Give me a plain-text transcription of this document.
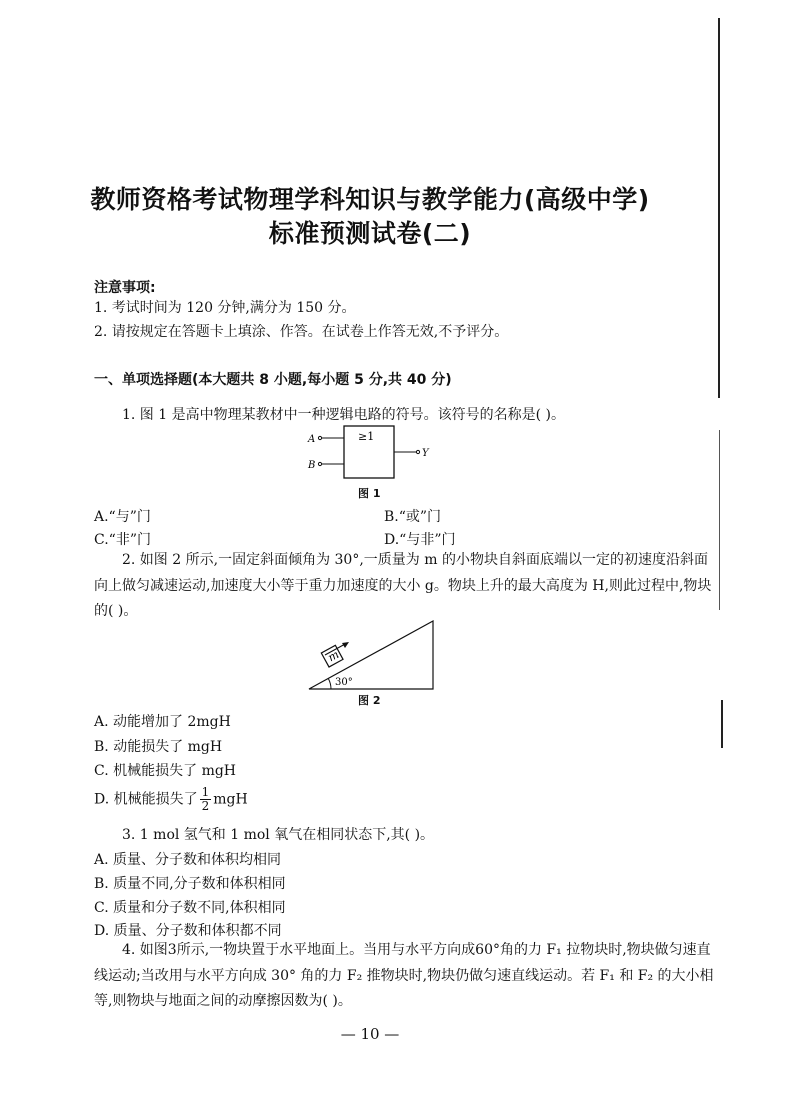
教师资格考试物理学科知识与教学能力(高级中学)
标准预测试卷(二)
注意事项:
1. 考试时间为 120 分钟,满分为 150 分。
2. 请按规定在答题卡上填涂、作答。在试卷上作答无效,不予评分。
一、单项选择题(本大题共 8 小题,每小题 5 分,共 40 分)
1. 图 1 是高中物理某教材中一种逻辑电路的符号。该符号的名称是( )。
≥1
A
B
Y
图 1
A.“与”门	B.“或”门
C.“非”门	D.“与非”门
2. 如图 2 所示,一固定斜面倾角为 30°,一质量为 m 的小物块自斜面底端以一定的初速度沿斜面向上做匀减速运动,加速度大小等于重力加速度的大小 g。物块上升的最大高度为 H,则此过程中,物块的( )。
30°
m
图 2
A. 动能增加了 2mgH
B. 动能损失了 mgH
C. 机械能损失了 mgH
D. 机械能损失了 $\frac{1}{2}$ mgH
3. 1 mol 氢气和 1 mol 氧气在相同状态下,其( )。
A. 质量、分子数和体积均相同
B. 质量不同,分子数和体积相同
C. 质量和分子数不同,体积相同
D. 质量、分子数和体积都不同
4. 如图3所示,一物块置于水平地面上。当用与水平方向成60°角的力 F₁ 拉物块时,物块做匀速直线运动;当改用与水平方向成 30° 角的力 F₂ 推物块时,物块仍做匀速直线运动。若 F₁ 和 F₂ 的大小相等,则物块与地面之间的动摩擦因数为( )。
— 10 —
